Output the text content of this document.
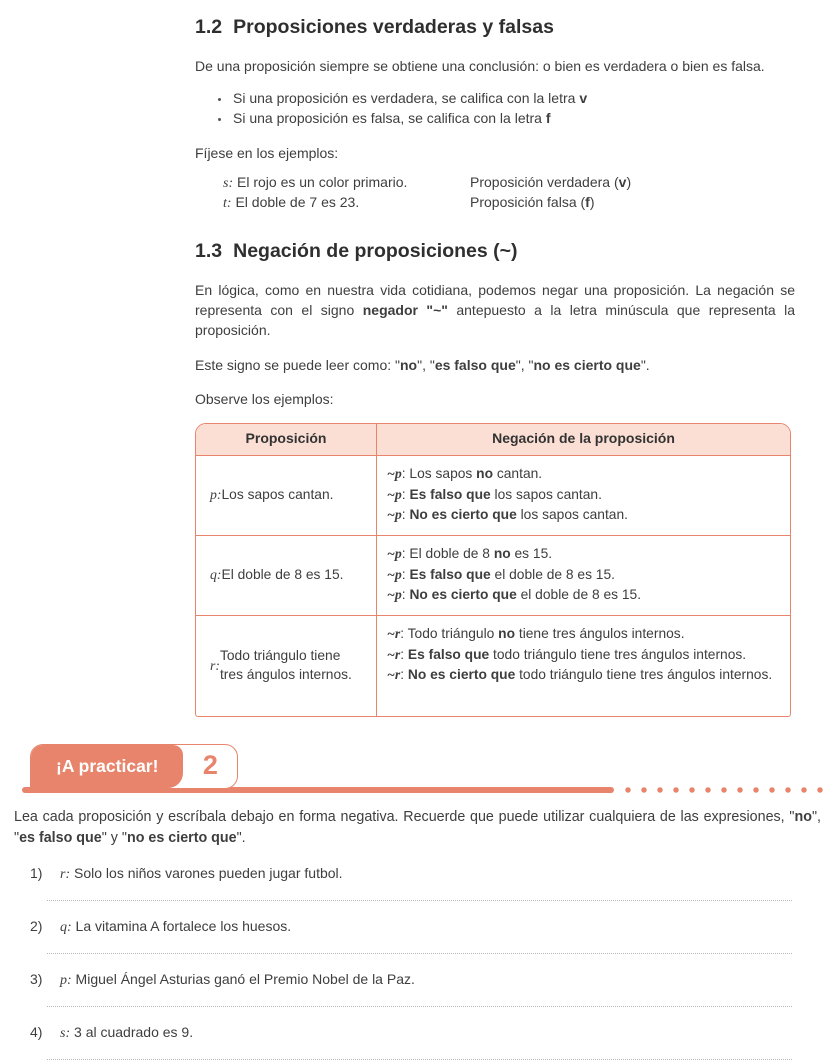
1.2 Proposiciones verdaderas y falsas

De una proposición siempre se obtiene una conclusión: o bien es verdadera o bien es falsa.

• Si una proposición es verdadera, se califica con la letra v
• Si una proposición es falsa, se califica con la letra f

Fíjese en los ejemplos:

s: El rojo es un color primario.	Proposición verdadera (v)
t: El doble de 7 es 23.	Proposición falsa (f)
1.3 Negación de proposiciones (~)

En lógica, como en nuestra vida cotidiana, podemos negar una proposición. La negación se representa con el signo negador "~" antepuesto a la letra minúscula que representa la proposición.

Este signo se puede leer como: "no", "es falso que", "no es cierto que".

Observe los ejemplos:

Proposición	Negación de la proposición
p: Los sapos cantan.
~p: Los sapos no cantan.
~p: Es falso que los sapos cantan.
~p: No es cierto que los sapos cantan.
q: El doble de 8 es 15.
~p: El doble de 8 no es 15.
~p: Es falso que el doble de 8 es 15.
~p: No es cierto que el doble de 8 es 15.
r:
Todo triángulo tiene tres ángulos internos.
~r: Todo triángulo no tiene tres ángulos internos.
~r: Es falso que todo triángulo tiene tres ángulos internos.
~r: No es cierto que todo triángulo tiene tres ángulos internos.
¡A practicar!	2

Lea cada proposición y escríbala debajo en forma negativa. Recuerde que puede utilizar cualquiera de las expresiones, "no", "es falso que" y "no es cierto que".

1)	r: Solo los niños varones pueden jugar futbol.
2)	q: La vitamina A fortalece los huesos.
3)	p: Miguel Ángel Asturias ganó el Premio Nobel de la Paz.
4)	s: 3 al cuadrado es 9.
